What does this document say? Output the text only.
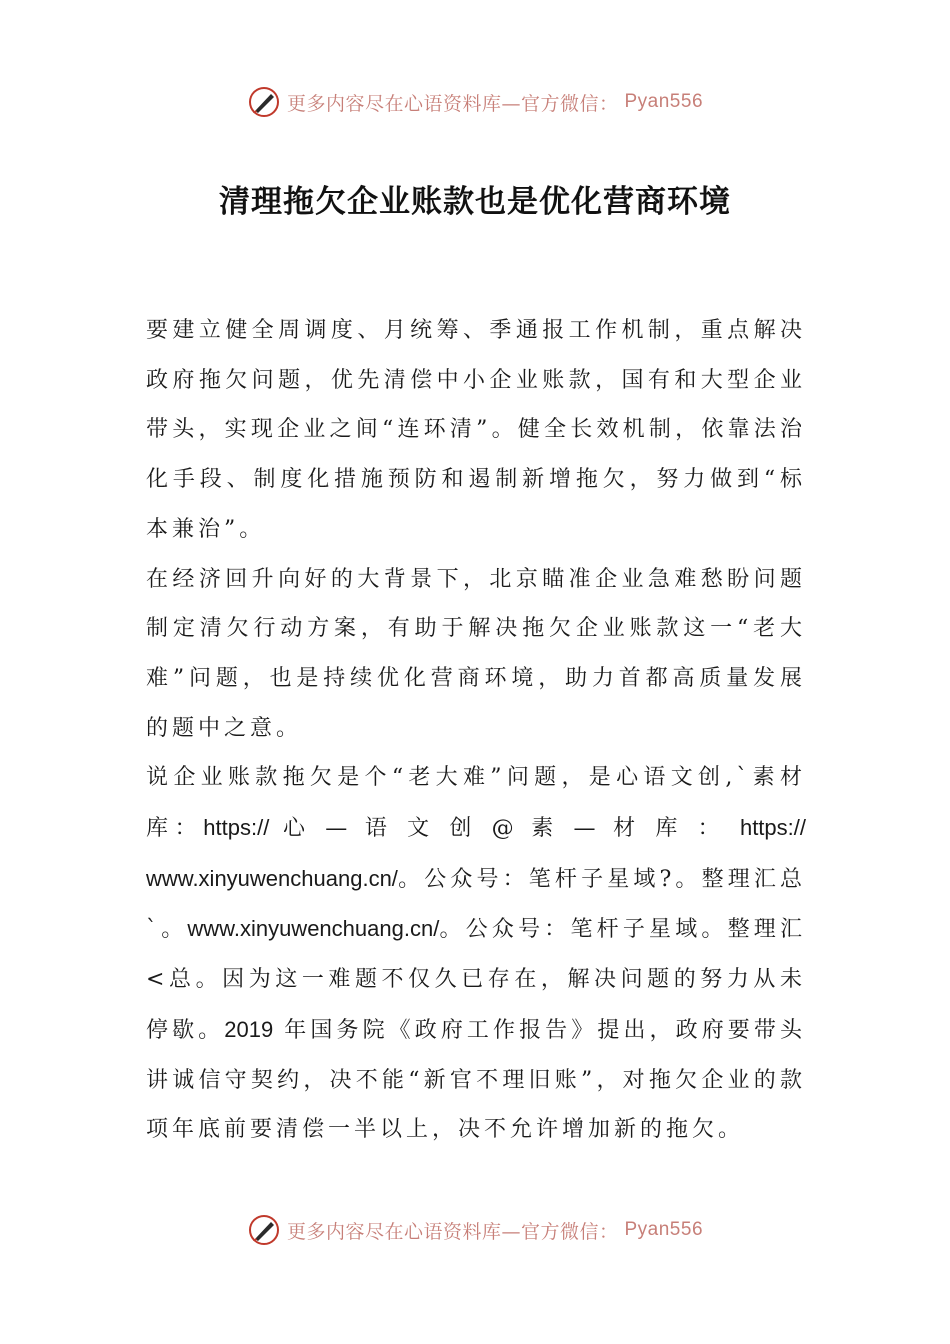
更多内容尽在心语资料库—官方微信： Pyan556
清理拖欠企业账款也是优化营商环境

要建立健全周调度、月统筹、季通报工作机制，重点解决政府拖欠问题，优先清偿中小企业账款，国有和大型企业带头，实现企业之间“连环清”。健全长效机制，依靠法治化手段、制度化措施预防和遏制新增拖欠，努力做到“标本兼治”。

在经济回升向好的大背景下，北京瞄准企业急难愁盼问题制定清欠行动方案，有助于解决拖欠企业账款这一“老大难”问题，也是持续优化营商环境，助力首都高质量发展的题中之意。

说企业账款拖欠是个“老大难”问题，是心语文创,`素材库：https:// 心 — 语 文 创 @ 素 — 材 库 ： https:// www.xinyuwenchuang.cn/。公众号：笔杆子星域?。整理汇总`。www.xinyuwenchuang.cn/。公众号：笔杆子星域。整理汇<总。因为这一难题不仅久已存在，解决问题的努力从未停歇。2019 年国务院《政府工作报告》提出，政府要带头讲诚信守契约，决不能“新官不理旧账”，对拖欠企业的款项年底前要清偿一半以上，决不允许增加新的拖欠。

更多内容尽在心语资料库—官方微信： Pyan556
